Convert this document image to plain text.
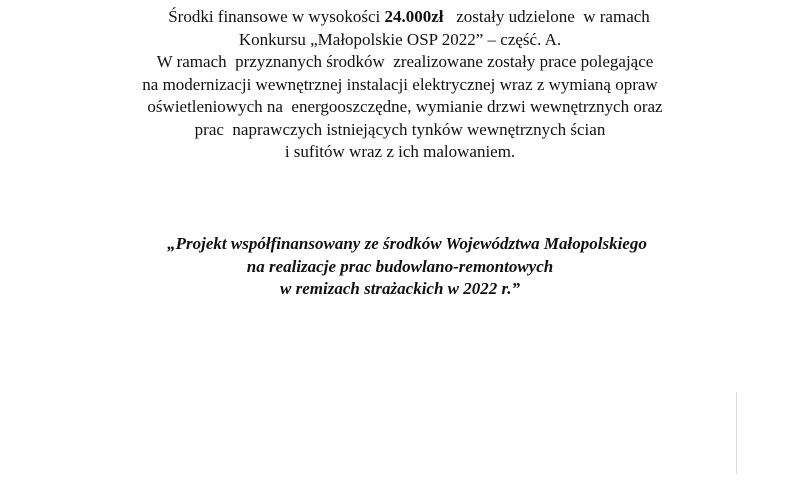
Środki finansowe w wysokości 24.000zł   zostały udzielone  w ramach
Konkursu „Małopolskie OSP 2022” – część. A.
W ramach  przyznanych środków  zrealizowane zostały prace polegające
na modernizacji wewnętrznej instalacji elektrycznej wraz z wymianą opraw
oświetleniowych na  energooszczędne, wymianie drzwi wewnętrznych oraz
prac  naprawczych istniejących tynków wewnętrznych ścian
i sufitów wraz z ich malowaniem.
„Projekt współfinansowany ze środków Województwa Małopolskiego
na realizacje prac budowlano-remontowych
w remizach strażackich w 2022 r.”
